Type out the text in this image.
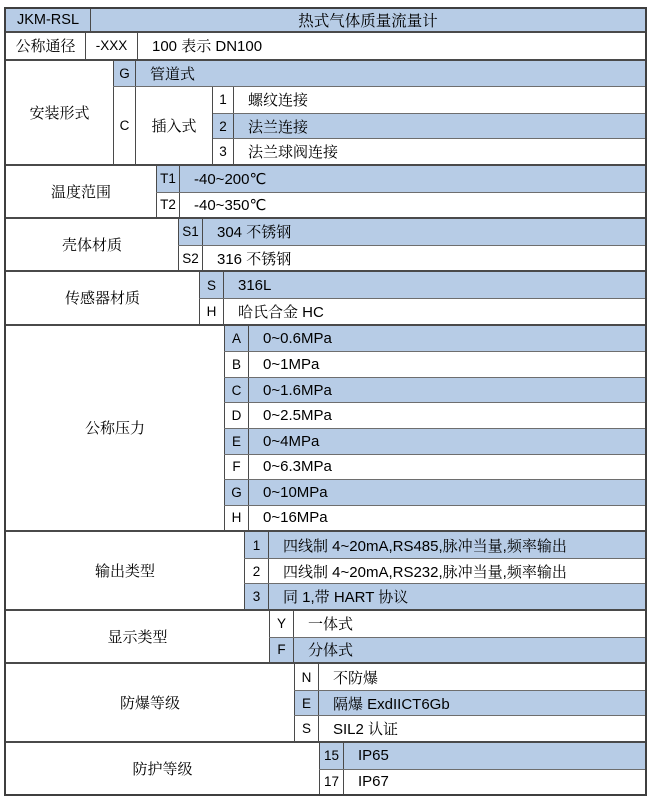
JKM-RSL	热式气体质量流量计
公称通径	-XXX	100 表示 DN100
安装形式
G	管道式
C	插入式
1	螺纹连接
2	法兰连接
3	法兰球阀连接
温度范围
T1	-40~200℃
T2	-40~350℃
壳体材质
S1	304 不锈钢
S2	316 不锈钢
传感器材质
S	316L
H	哈氏合金 HC
公称压力
A	0~0.6MPa
B	0~1MPa
C	0~1.6MPa
D	0~2.5MPa
E	0~4MPa
F	0~6.3MPa
G	0~10MPa
H	0~16MPa
输出类型
1	四线制 4~20mA,RS485,脉冲当量,频率输出
2	四线制 4~20mA,RS232,脉冲当量,频率输出
3	同 1,带 HART 协议
显示类型
Y	一体式
F	分体式
防爆等级
N	不防爆
E	隔爆 ExdIICT6Gb
S	SIL2 认证
防护等级
15	IP65
17	IP67
